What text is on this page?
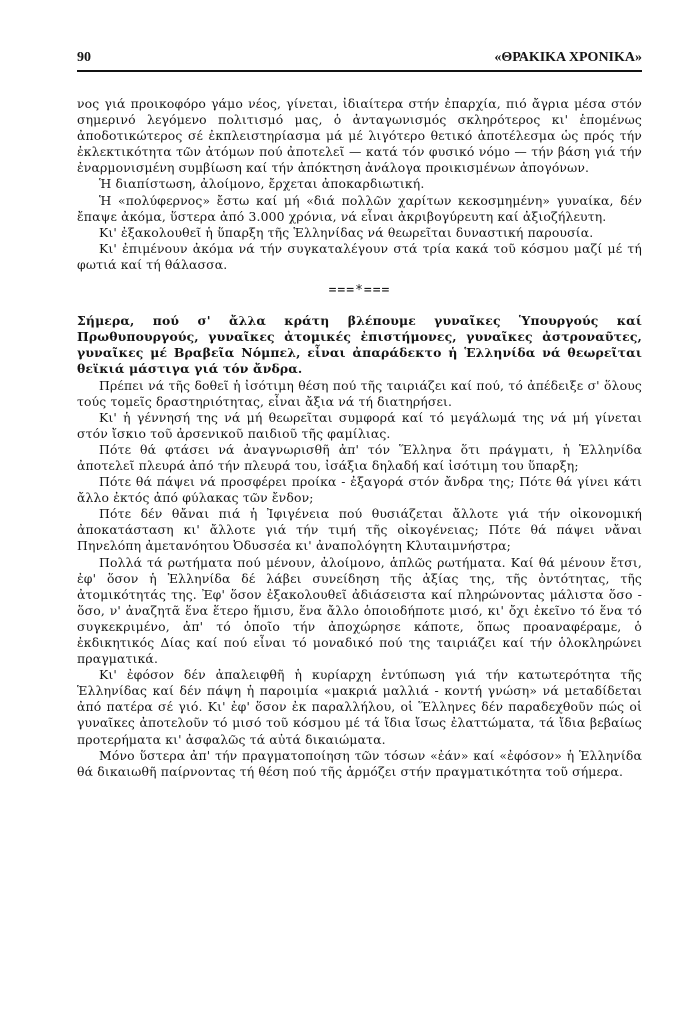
90	«ΘΡΑΚΙΚΑ ΧΡΟΝΙΚΑ»

νος γιά προικοφόρο γάμο νέος, γίνεται, ἰδιαίτερα στήν ἐπαρχία, πιό ἄγρια μέσα στόν σημερινό λεγόμενο πολιτισμό μας, ὁ ἀνταγωνισμός σκληρότερος κι' ἑπομένως ἀποδοτικώτερος σέ ἐκπλειστηρίασμα μά μέ λιγότερο θετικό ἀποτέλεσμα ὡς πρός τήν ἐκλεκτικότητα τῶν ἀτόμων πού ἀποτελεῖ — κατά τόν φυσικό νόμο — τήν βάση γιά τήν ἐναρμονισμένη συμβίωση καί τήν ἀπόκτηση ἀνάλογα προικισμένων ἀπογόνων.

Ἡ διαπίστωση, ἀλοίμονο, ἔρχεται ἀποκαρδιωτική.

Ἡ «πολύφερνος» ἔστω καί μή «διά πολλῶν χαρίτων κεκοσμημένη» γυναίκα, δέν ἔπαψε ἀκόμα, ὕστερα ἀπό 3.000 χρόνια, νά εἶναι ἀκριβογύρευτη καί ἀξιοζήλευτη.

Κι' ἐξακολουθεῖ ἡ ὕπαρξη τῆς Ἑλληνίδας νά θεωρεῖται δυναστική παρουσία.

Κι' ἐπιμένουν ἀκόμα νά τήν συγκαταλέγουν στά τρία κακά τοῦ κόσμου μαζί μέ τή φωτιά καί τή θάλασσα.

===*===

Σήμερα, πού σ' ἄλλα κράτη βλέπουμε γυναῖκες Ὑπουργούς καί Πρωθυπουργούς, γυναῖκες ἀτομικές ἐπιστήμονες, γυναῖκες ἀστροναῦτες, γυναῖκες μέ Βραβεῖα Νόμπελ, εἶναι ἀπαράδεκτο ἡ Ἑλληνίδα νά θεωρεῖται θεϊκιά μάστιγα γιά τόν ἄνδρα.

Πρέπει νά τῆς δοθεῖ ἡ ἰσότιμη θέση πού τῆς ταιριάζει καί πού, τό ἀπέδειξε σ' ὅλους τούς τομεῖς δραστηριότητας, εἶναι ἄξια νά τή διατηρήσει.

Κι' ἡ γέννησή της νά μή θεωρεῖται συμφορά καί τό μεγάλωμά της νά μή γίνεται στόν ἴσκιο τοῦ ἀρσενικοῦ παιδιοῦ τῆς φαμίλιας.

Πότε θά φτάσει νά ἀναγνωρισθῆ ἀπ' τόν Ἕλληνα ὅτι πράγματι, ἡ Ἑλληνίδα ἀποτελεῖ πλευρά ἀπό τήν πλευρά του, ἰσάξια δηλαδή καί ἰσότιμη του ὕπαρξη;

Πότε θά πάψει νά προσφέρει προίκα - ἐξαγορά στόν ἄνδρα της; Πότε θά γίνει κάτι ἄλλο ἐκτός ἀπό φύλακας τῶν ἔνδον;

Πότε δέν θἄναι πιά ἡ Ἰφιγένεια πού θυσιάζεται ἄλλοτε γιά τήν οἰκονομική ἀποκατάσταση κι' ἄλλοτε γιά τήν τιμή τῆς οἰκογένειας; Πότε θά πάψει νἄναι Πηνελόπη ἀμετανόητου Ὀδυσσέα κι' ἀναπολόγητη Κλυταιμνήστρα;

Πολλά τά ρωτήματα πού μένουν, ἀλοίμονο, ἁπλῶς ρωτήματα. Καί θά μένουν ἔτσι, ἐφ' ὅσον ἡ Ἑλληνίδα δέ λάβει συνείδηση τῆς ἀξίας της, τῆς ὀντότητας, τῆς ἀτομικότητάς της. Ἐφ' ὅσον ἐξακολουθεῖ ἀδιάσειστα καί πληρώνοντας μάλιστα ὅσο - ὅσο, ν' ἀναζητᾶ ἕνα ἕτερο ἥμισυ, ἕνα ἄλλο ὁποιοδήποτε μισό, κι' ὄχι ἐκεῖνο τό ἕνα τό συγκεκριμένο, ἀπ' τό ὁποῖο τήν ἀποχώρησε κάποτε, ὅπως προαναφέραμε, ὁ ἐκδικητικός Δίας καί πού εἶναι τό μοναδικό πού της ταιριάζει καί τήν ὁλοκληρώνει πραγματικά.

Κι' ἐφόσον δέν ἀπαλειφθῆ ἡ κυρίαρχη ἐντύπωση γιά τήν κατωτερότητα τῆς Ἑλληνίδας καί δέν πάψη ἡ παροιμία «μακριά μαλλιά - κοντή γνώση» νά μεταδίδεται ἀπό πατέρα σέ γιό. Κι' ἐφ' ὅσον ἐκ παραλλήλου, οἱ Ἕλληνες δέν παραδεχθοῦν πώς οἱ γυναῖκες ἀποτελοῦν τό μισό τοῦ κόσμου μέ τά ἴδια ἴσως ἐλαττώματα, τά ἴδια βεβαίως προτερήματα κι' ἀσφαλῶς τά αὐτά δικαιώματα.

Μόνο ὕστερα ἀπ' τήν πραγματοποίηση τῶν τόσων «ἐάν» καί «ἐφόσον» ἡ Ἑλληνίδα θά δικαιωθῆ παίρνοντας τή θέση πού τῆς ἁρμόζει στήν πραγματικότητα τοῦ σήμερα.
